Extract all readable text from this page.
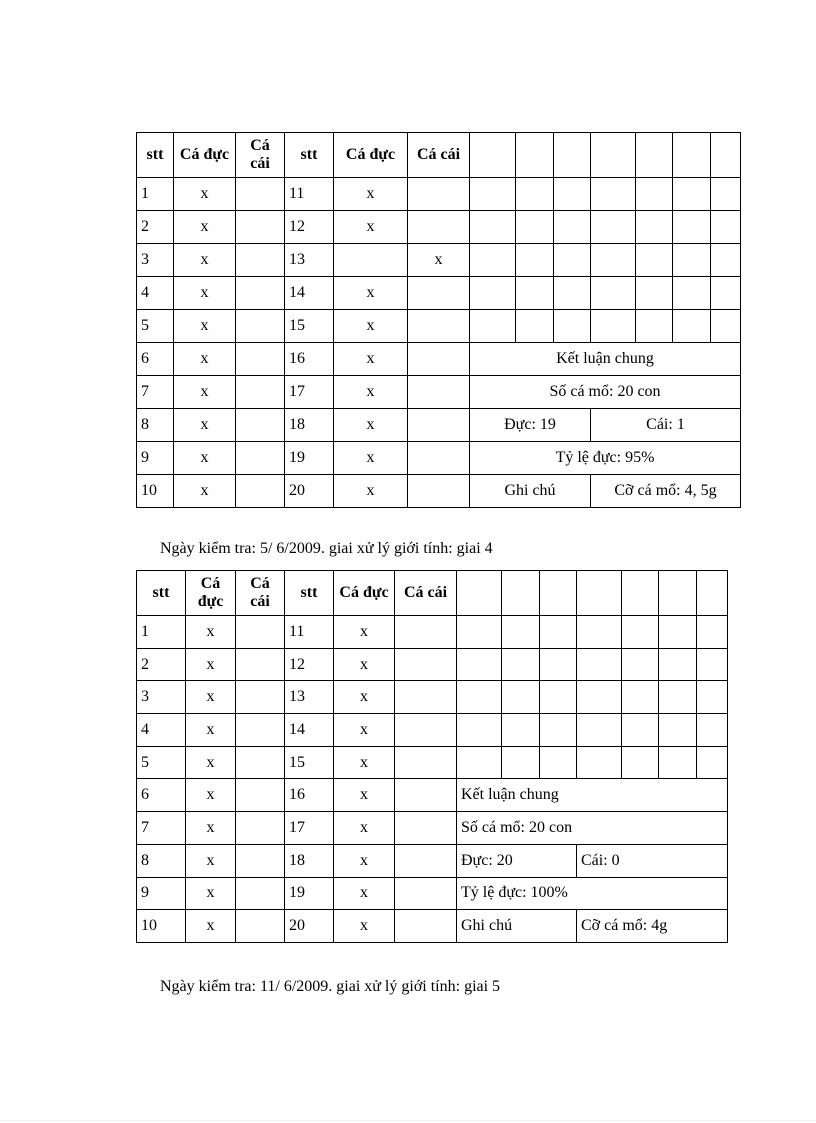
stt	Cá đực	Cá cái	stt	Cá đực	Cá cái							
1	x		11	x								
2	x		12	x								
3	x		13		x							
4	x		14	x								
5	x		15	x								
6	x		16	x		Kết luận chung						
7	x		17	x		Số cá mổ: 20 con						
8	x		18	x		Đực: 19			Cái: 1			
9	x		19	x		Tỷ lệ đực: 95%						
10	x		20	x		Ghi chú			Cỡ cá mổ: 4, 5g			
Ngày kiểm tra: 5/ 6/2009. giai xử lý giới tính: giai 4
stt	Cá đực	Cá cái	stt	Cá đực	Cá cái							
1	x		11	x								
2	x		12	x								
3	x		13	x								
4	x		14	x								
5	x		15	x								
6	x		16	x		Kết luận chung						
7	x		17	x		Số cá mổ: 20 con						
8	x		18	x		Đực: 20			Cái: 0			
9	x		19	x		Tỷ lệ đực: 100%						
10	x		20	x		Ghi chú			Cỡ cá mổ: 4g			
Ngày kiểm tra: 11/ 6/2009. giai xử lý giới tính: giai 5
